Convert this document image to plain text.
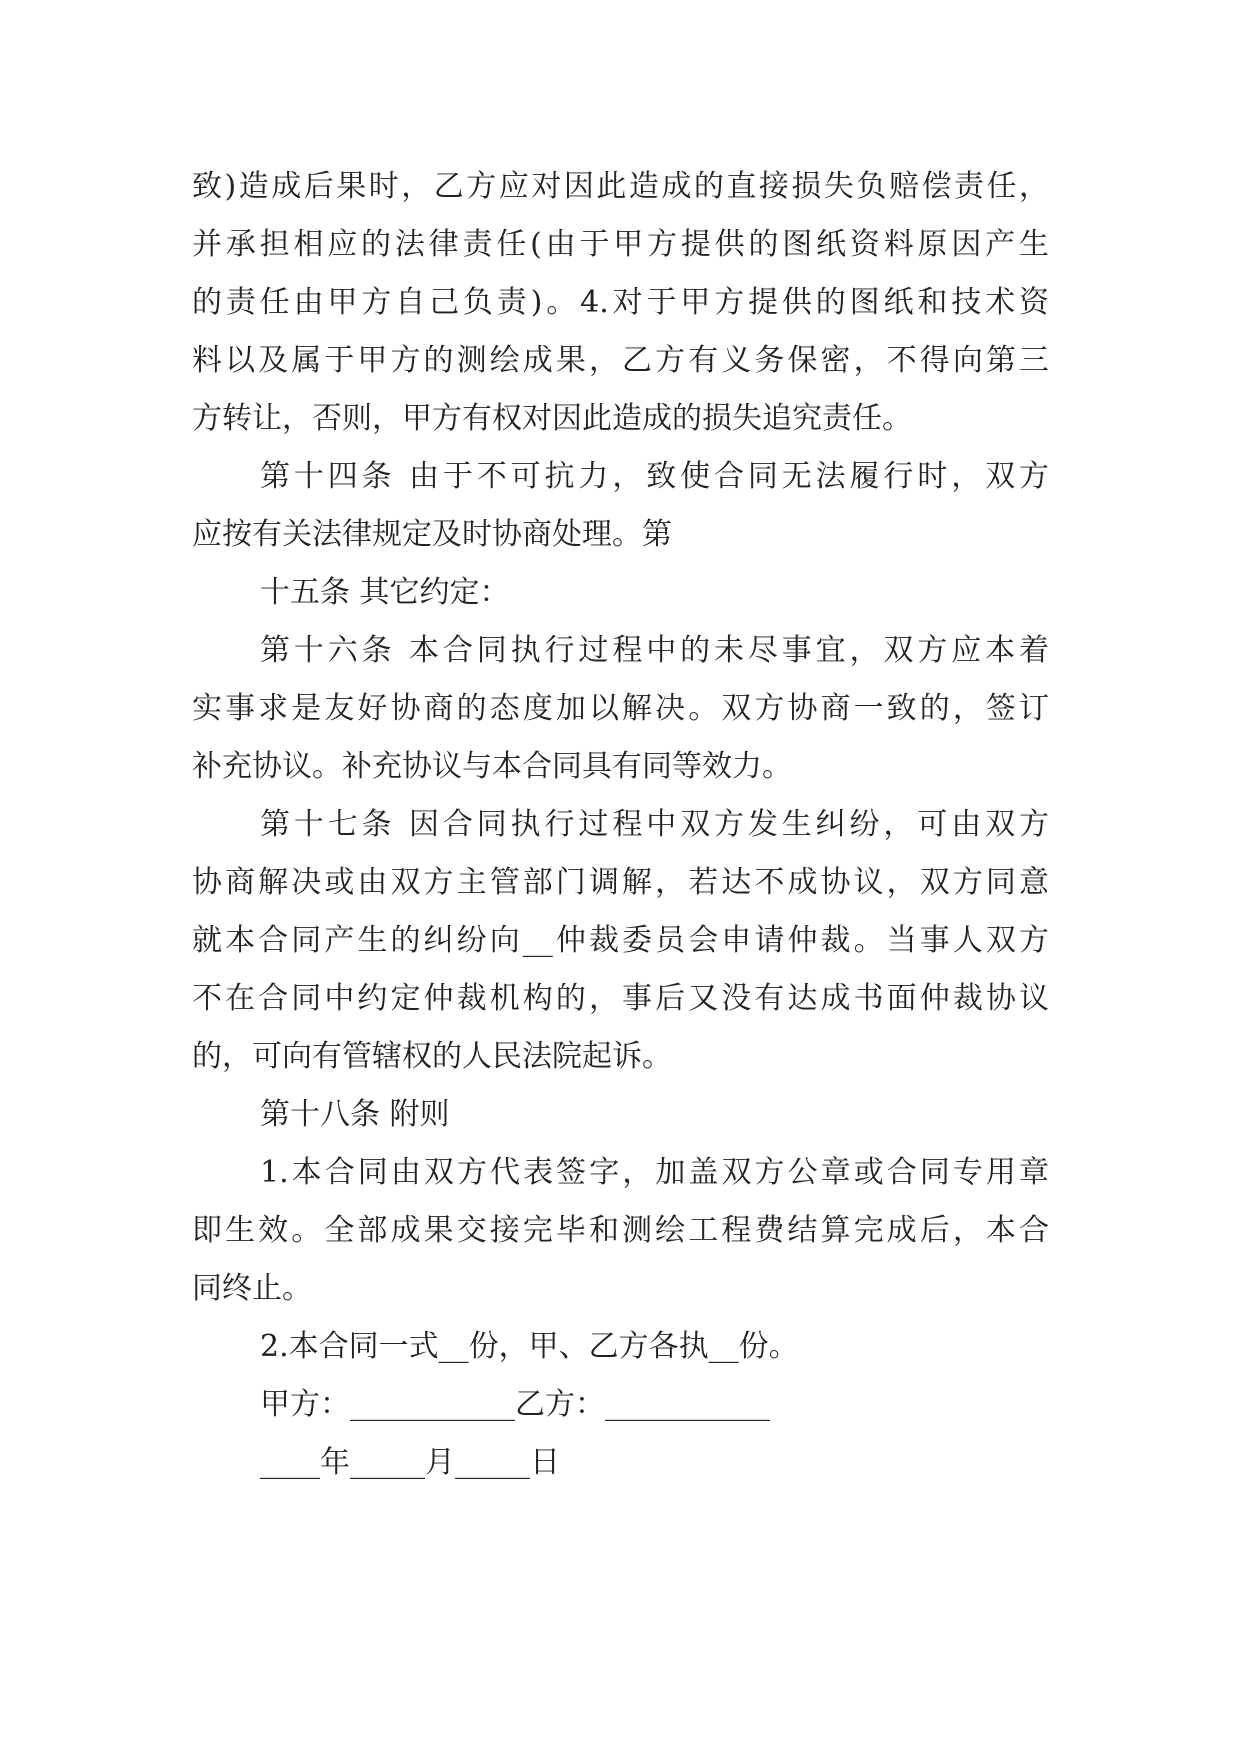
致)造成后果时，乙方应对因此造成的直接损失负赔偿责任，
并承担相应的法律责任(由于甲方提供的图纸资料原因产生
的责任由甲方自己负责)。4.对于甲方提供的图纸和技术资
料以及属于甲方的测绘成果，乙方有义务保密，不得向第三
方转让，否则，甲方有权对因此造成的损失追究责任。
第十四条 由于不可抗力，致使合同无法履行时，双方
应按有关法律规定及时协商处理。第
十五条 其它约定：
第十六条 本合同执行过程中的未尽事宜，双方应本着
实事求是友好协商的态度加以解决。双方协商一致的，签订
补充协议。补充协议与本合同具有同等效力。
第十七条 因合同执行过程中双方发生纠纷，可由双方
协商解决或由双方主管部门调解，若达不成协议，双方同意
就本合同产生的纠纷向__仲裁委员会申请仲裁。当事人双方
不在合同中约定仲裁机构的，事后又没有达成书面仲裁协议
的，可向有管辖权的人民法院起诉。
第十八条 附则
1.本合同由双方代表签字，加盖双方公章或合同专用章
即生效。全部成果交接完毕和测绘工程费结算完成后，本合
同终止。
2.本合同一式__份，甲、乙方各执__份。
甲方：___________乙方：___________
____年_____月_____日
